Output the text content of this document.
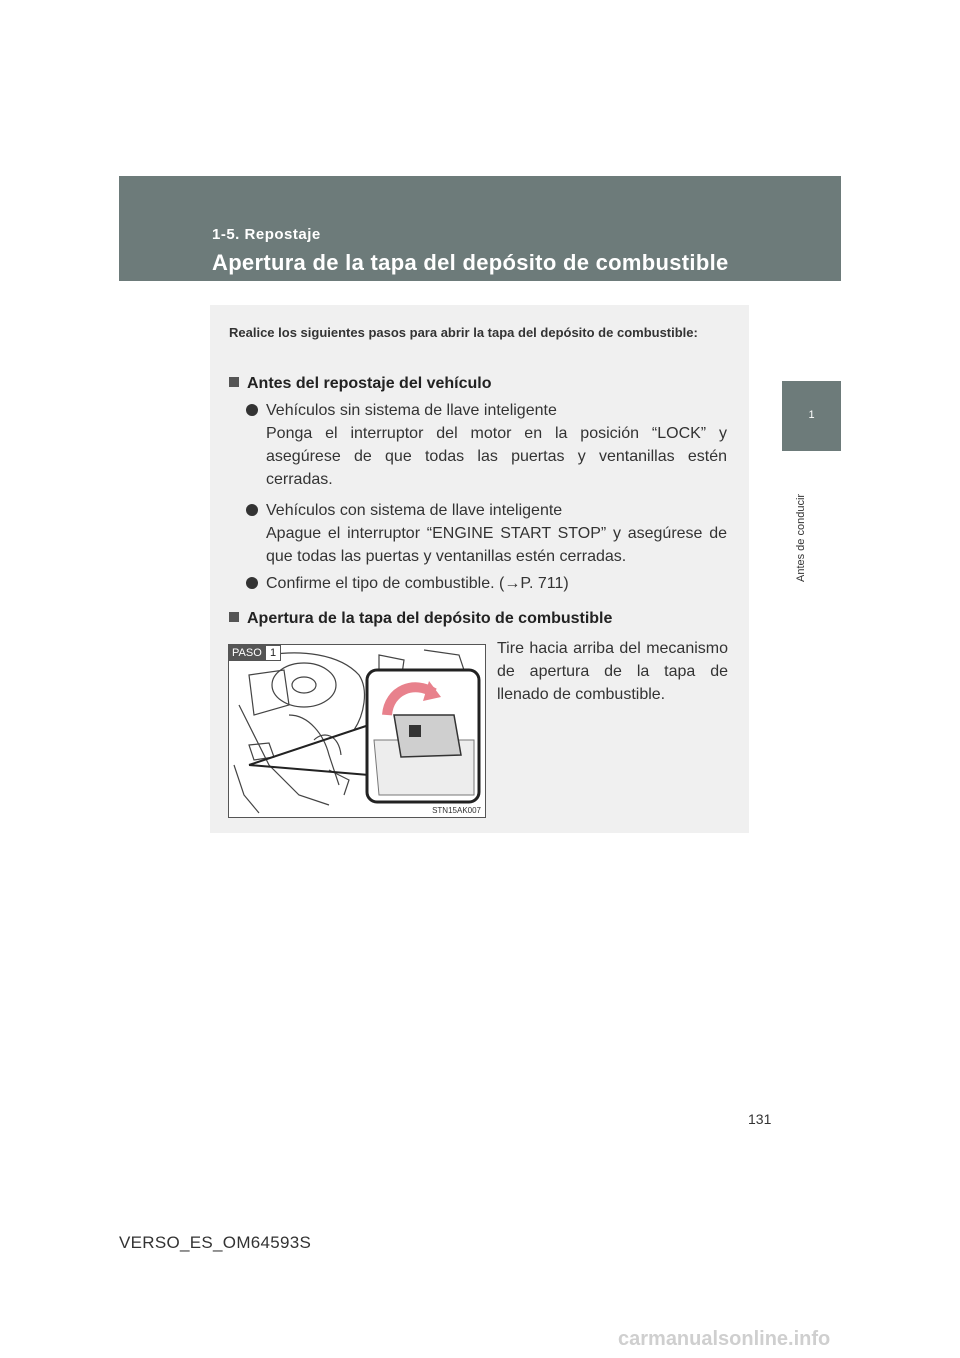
1-5. Repostaje
Apertura de la tapa del depósito de combustible
1
Antes de conducir
Realice los siguientes pasos para abrir la tapa del depósito de combustible:
Antes del repostaje del vehículo
Vehículos sin sistema de llave inteligente
Ponga el interruptor del motor en la posición “LOCK” y asegúrese de que todas las puertas y ventanillas estén cerradas.
Vehículos con sistema de llave inteligente
Apague el interruptor “ENGINE START STOP” y asegúrese de que todas las puertas y ventanillas estén cerradas.
Confirme el tipo de combustible. (→P. 711)
Apertura de la tapa del depósito de combustible
PASO 1
STN15AK007
Tire hacia arriba del mecanismo de apertura de la tapa de llenado de combustible.
131
VERSO_ES_OM64593S
carmanualsonline.info
